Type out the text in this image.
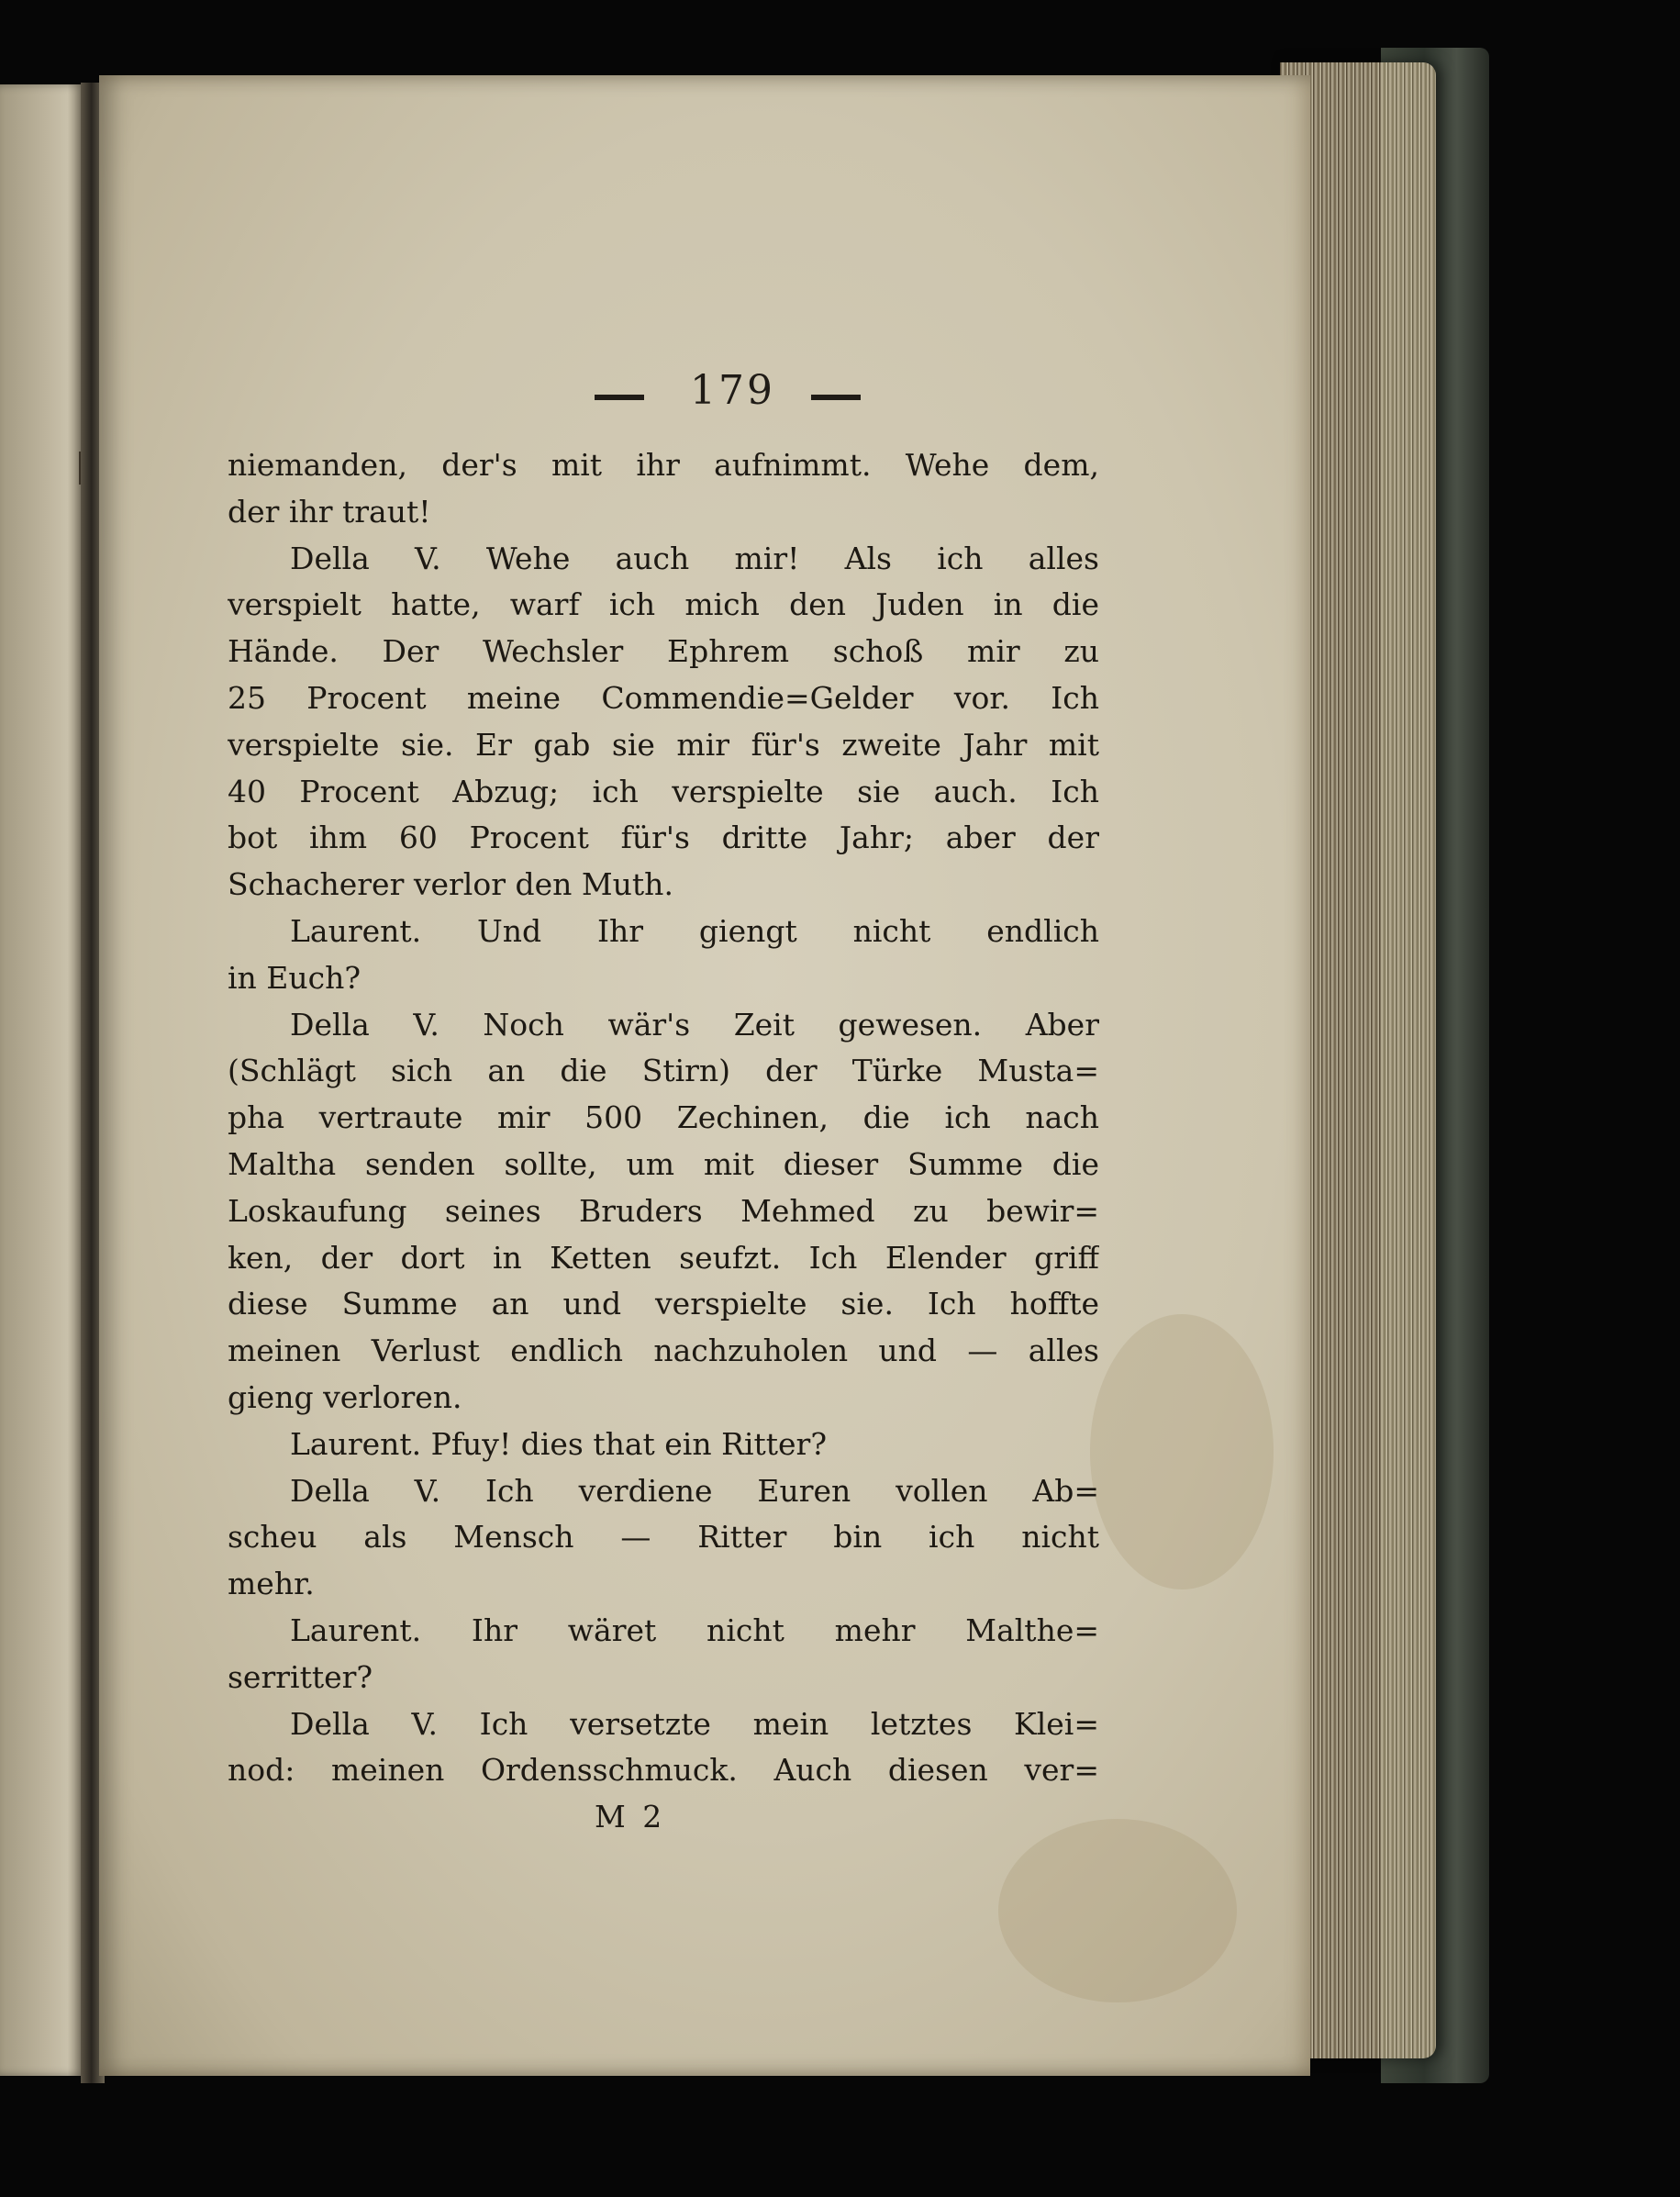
179
niemanden, der's mit ihr aufnimmt. Wehe dem,
der ihr traut!
Della V. Wehe auch mir! Als ich alles
verspielt hatte, warf ich mich den Juden in die
Hände. Der Wechsler Ephrem schoß mir zu
25 Procent meine Commendie=Gelder vor. Ich
verspielte sie. Er gab sie mir für's zweite Jahr mit
40 Procent Abzug; ich verspielte sie auch. Ich
bot ihm 60 Procent für's dritte Jahr; aber der
Schacherer verlor den Muth.
Laurent. Und Ihr giengt nicht endlich
in Euch?
Della V. Noch wär's Zeit gewesen. Aber
(Schlägt sich an die Stirn) der Türke Musta=
pha vertraute mir 500 Zechinen, die ich nach
Maltha senden sollte, um mit dieser Summe die
Loskaufung seines Bruders Mehmed zu bewir=
ken, der dort in Ketten seufzt. Ich Elender griff
diese Summe an und verspielte sie. Ich hoffte
meinen Verlust endlich nachzuholen und — alles
gieng verloren.
Laurent. Pfuy! dies that ein Ritter?
Della V. Ich verdiene Euren vollen Ab=
scheu als Mensch — Ritter bin ich nicht
mehr.
Laurent. Ihr wäret nicht mehr Malthe=
serritter?
Della V. Ich versetzte mein letztes Klei=
nod: meinen Ordensschmuck. Auch diesen ver=
M 2
